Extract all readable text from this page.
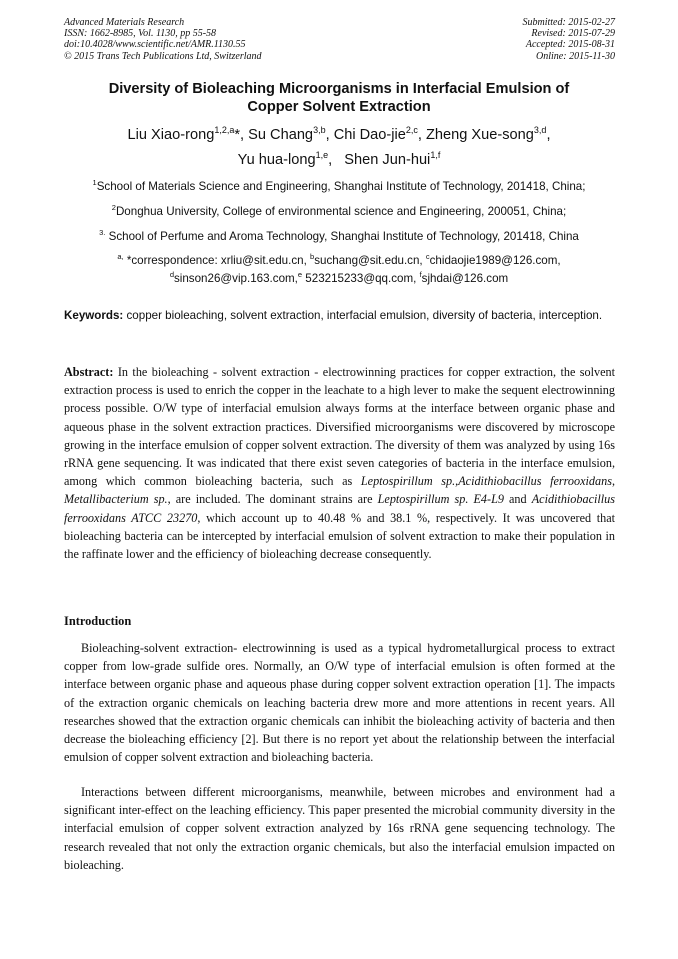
Advanced Materials Research
ISSN: 1662-8985, Vol. 1130, pp 55-58
doi:10.4028/www.scientific.net/AMR.1130.55
© 2015 Trans Tech Publications Ltd, Switzerland
Submitted: 2015-02-27
Revised: 2015-07-29
Accepted: 2015-08-31
Online: 2015-11-30
Diversity of Bioleaching Microorganisms in Interfacial Emulsion of
Copper Solvent Extraction
Liu Xiao-rong$^{1,2,a}$*, Su Chang$^{3,b}$, Chi Dao-jie$^{2,c}$, Zheng Xue-song$^{3,d}$,
Yu hua-long$^{1,e}$,   Shen Jun-hui$^{1,f}$
$^1$School of Materials Science and Engineering, Shanghai Institute of Technology, 201418, China;
$^2$Donghua University, College of environmental science and Engineering, 200051, China;
$^{3.}$ School of Perfume and Aroma Technology, Shanghai Institute of Technology, 201418, China
$^{a,}$ *correspondence: xrliu@sit.edu.cn, $^b$suchang@sit.edu.cn, $^c$chidaojie1989@126.com,
$^d$sinson26@vip.163.com,$^e$ 523215233@qq.com, $^f$sjhdai@126.com
Keywords: copper bioleaching, solvent extraction, interfacial emulsion, diversity of bacteria, interception.
Abstract: In the bioleaching - solvent extraction - electrowinning practices for copper extraction, the solvent extraction process is used to enrich the copper in the leachate to a high lever to make the sequent electrowinning process possible. O/W type of interfacial emulsion always forms at the interface between organic phase and aqueous phase in the solvent extraction practices. Diversified microorganisms were discovered by microscope growing in the interface emulsion of copper solvent extraction. The diversity of them was analyzed by using 16s rRNA gene sequencing. It was indicated that there exist seven categories of bacteria in the interface emulsion, among which common bioleaching bacteria, such as Leptospirillum sp.,Acidithiobacillus ferrooxidans, Metallibacterium sp., are included. The dominant strains are Leptospirillum sp. E4-L9 and Acidithiobacillus ferrooxidans ATCC 23270, which account up to 40.48 % and 38.1 %, respectively. It was uncovered that bioleaching bacteria can be intercepted by interfacial emulsion of solvent extraction to make their population in the raffinate lower and the efficiency of bioleaching decrease consequently.
Introduction
Bioleaching-solvent extraction- electrowinning is used as a typical hydrometallurgical process to extract copper from low-grade sulfide ores. Normally, an O/W type of interfacial emulsion is often formed at the interface between organic phase and aqueous phase during copper solvent extraction operation [1]. The impacts of the extraction organic chemicals on leaching bacteria drew more and more attentions in recent years. All researches showed that the extraction organic chemicals can inhibit the bioleaching activity of bacteria and then decrease the bioleaching efficiency [2]. But there is no report yet about the relationship between the interfacial emulsion of copper solvent extraction and bioleaching bacteria.
Interactions between different microorganisms, meanwhile, between microbes and environment had a significant inter-effect on the leaching efficiency. This paper presented the microbial community diversity in the interfacial emulsion of copper solvent extraction analyzed by 16s rRNA gene sequencing technology. The research revealed that not only the extraction organic chemicals, but also the interfacial emulsion impacted on bioleaching.
